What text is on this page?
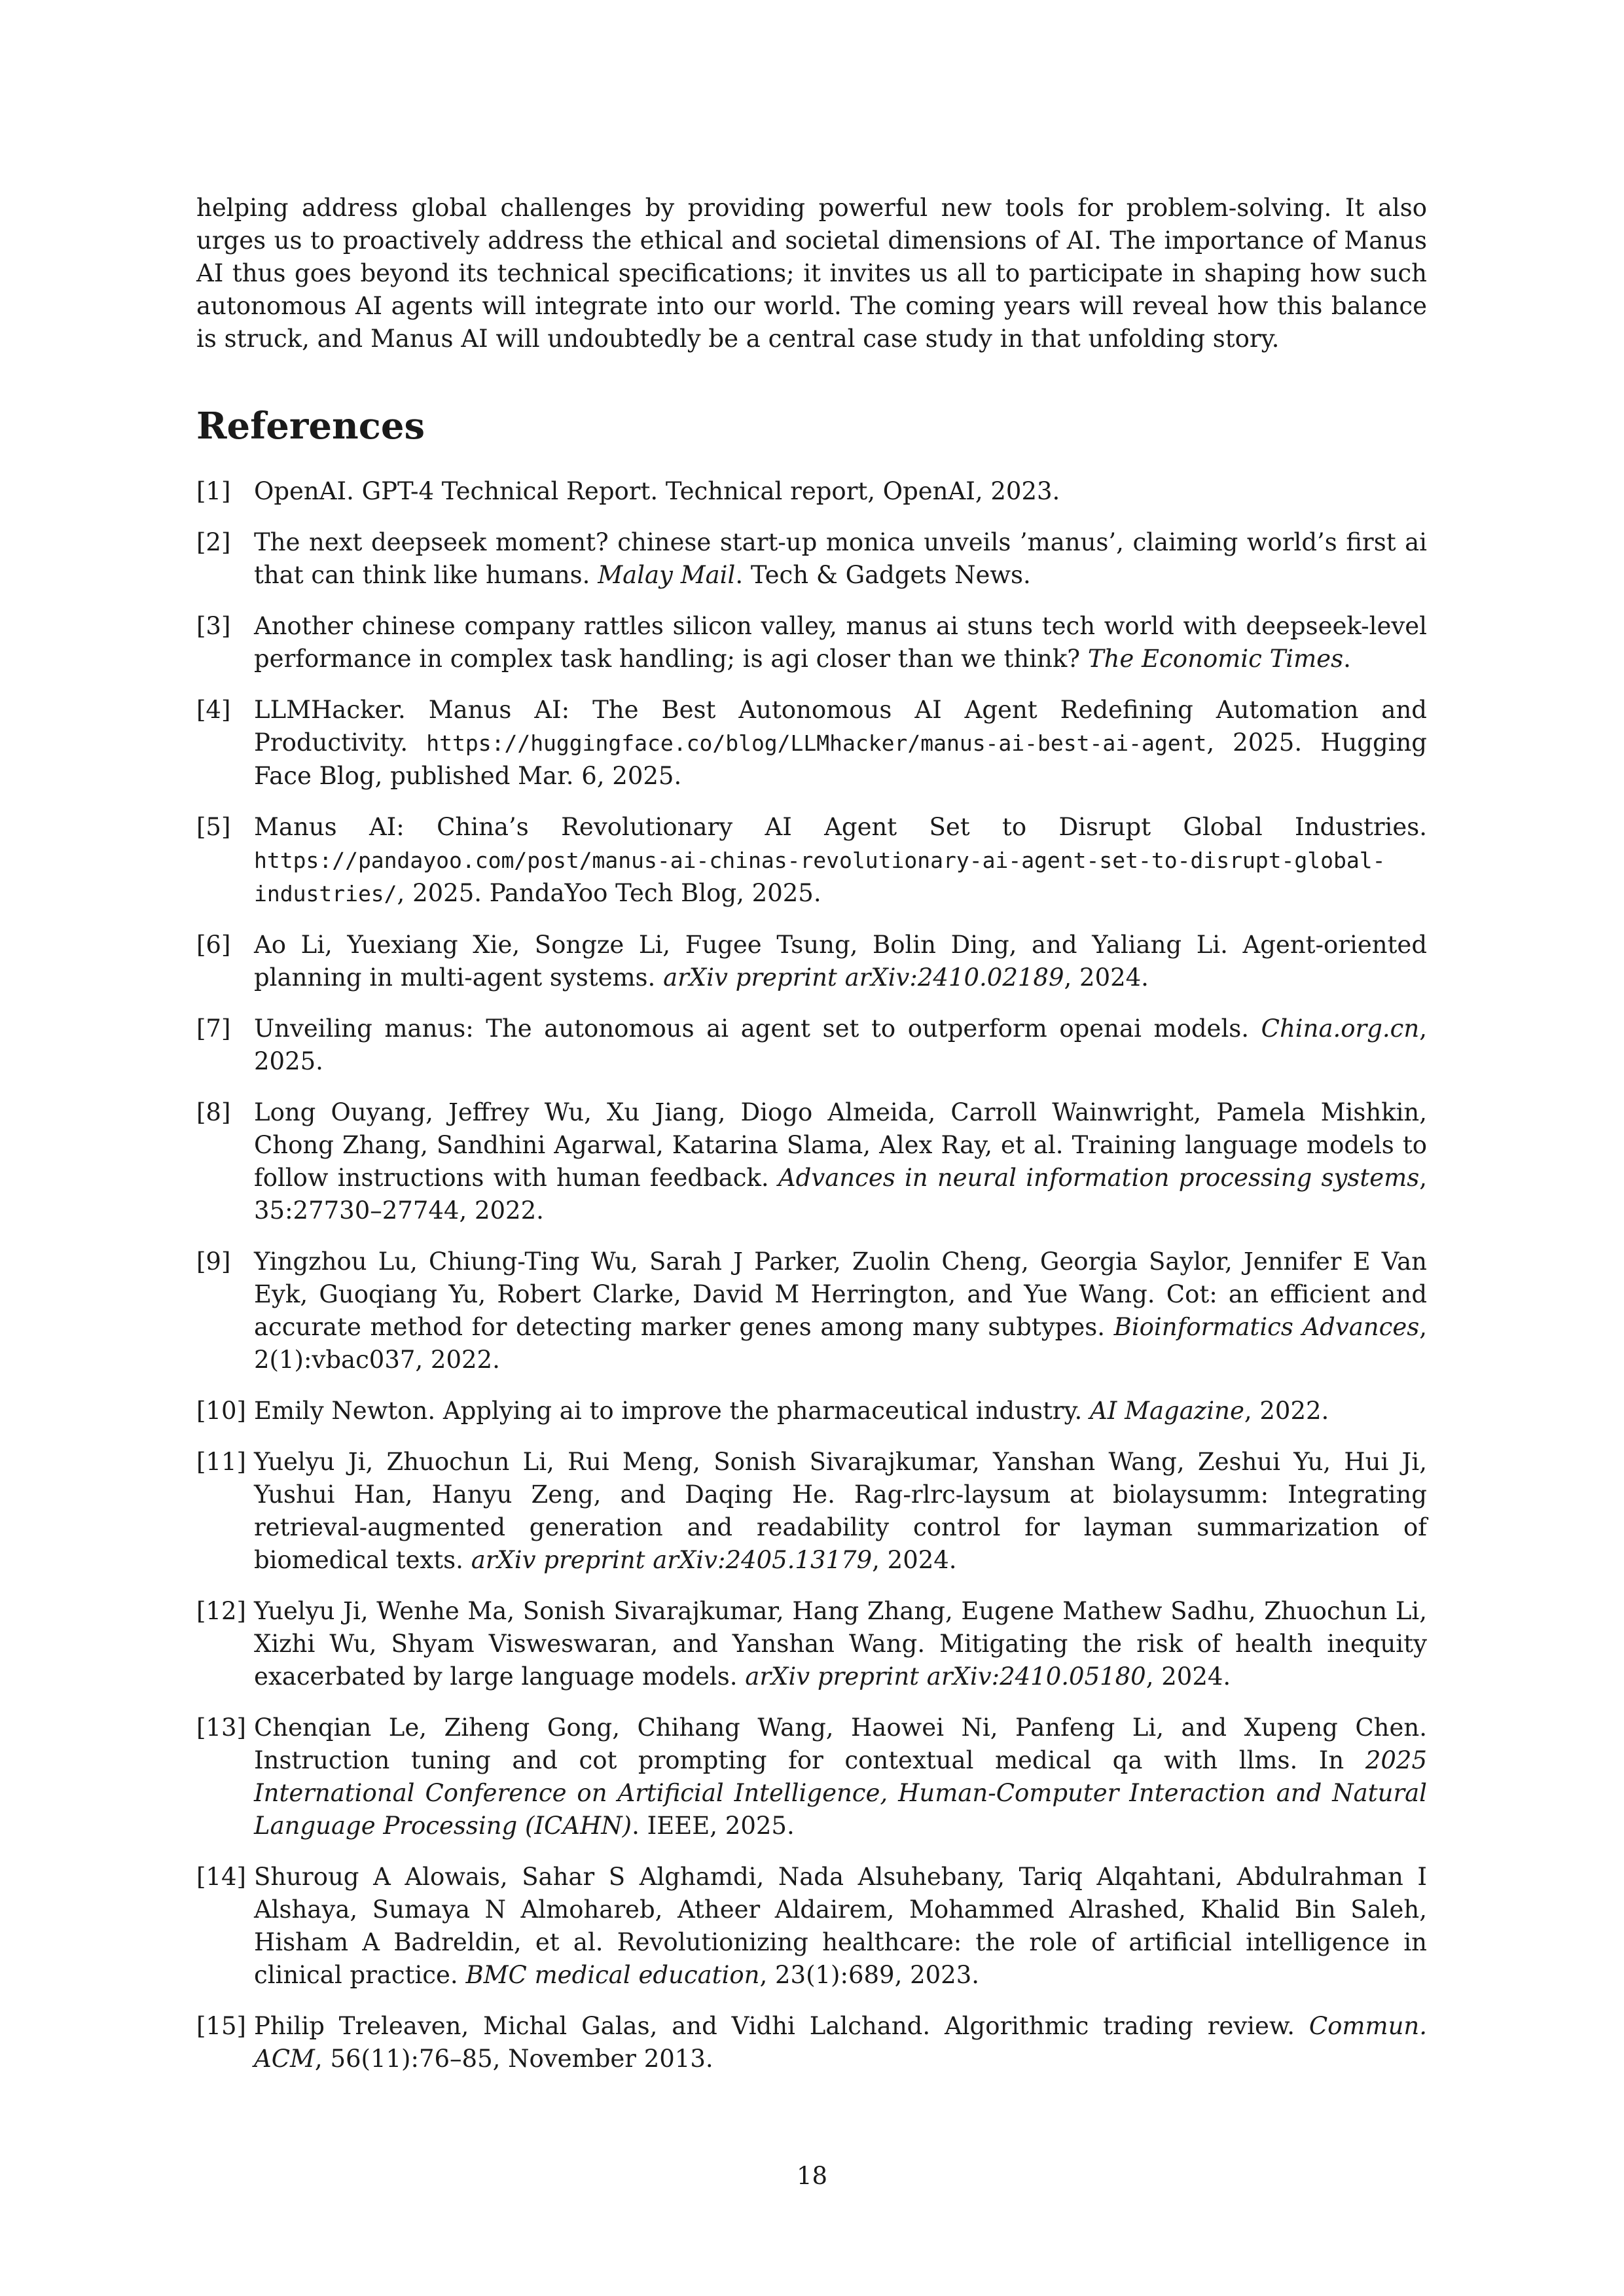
helping address global challenges by providing powerful new tools for problem-solving. It also urges us to proactively address the ethical and societal dimensions of AI. The importance of Manus AI thus goes beyond its technical specifications; it invites us all to participate in shaping how such autonomous AI agents will integrate into our world. The coming years will reveal how this balance is struck, and Manus AI will undoubtedly be a central case study in that unfolding story.

References
[1] OpenAI. GPT-4 Technical Report. Technical report, OpenAI, 2023.
[2] The next deepseek moment? chinese start-up monica unveils ’manus’, claiming world’s first ai that can think like humans. Malay Mail. Tech & Gadgets News.
[3] Another chinese company rattles silicon valley, manus ai stuns tech world with deepseek-level performance in complex task handling; is agi closer than we think? The Economic Times.
[4] LLMHacker. Manus AI: The Best Autonomous AI Agent Redefining Automation and Productivity. https://huggingface.co/blog/LLMhacker/manus-ai-best-ai-agent, 2025. Hugging Face Blog, published Mar. 6, 2025.
[5] Manus AI: China’s Revolutionary AI Agent Set to Disrupt Global Industries. https://pandayoo.com/post/manus-ai-chinas-revolutionary-ai-agent-set-to-disrupt-global-industries/, 2025. PandaYoo Tech Blog, 2025.
[6] Ao Li, Yuexiang Xie, Songze Li, Fugee Tsung, Bolin Ding, and Yaliang Li. Agent-oriented planning in multi-agent systems. arXiv preprint arXiv:2410.02189, 2024.
[7] Unveiling manus: The autonomous ai agent set to outperform openai models. China.org.cn, 2025.
[8] Long Ouyang, Jeffrey Wu, Xu Jiang, Diogo Almeida, Carroll Wainwright, Pamela Mishkin, Chong Zhang, Sandhini Agarwal, Katarina Slama, Alex Ray, et al. Training language models to follow instructions with human feedback. Advances in neural information processing systems, 35:27730–27744, 2022.
[9] Yingzhou Lu, Chiung-Ting Wu, Sarah J Parker, Zuolin Cheng, Georgia Saylor, Jennifer E Van Eyk, Guoqiang Yu, Robert Clarke, David M Herrington, and Yue Wang. Cot: an efficient and accurate method for detecting marker genes among many subtypes. Bioinformatics Advances, 2(1):vbac037, 2022.
[10] Emily Newton. Applying ai to improve the pharmaceutical industry. AI Magazine, 2022.
[11] Yuelyu Ji, Zhuochun Li, Rui Meng, Sonish Sivarajkumar, Yanshan Wang, Zeshui Yu, Hui Ji, Yushui Han, Hanyu Zeng, and Daqing He. Rag-rlrc-laysum at biolaysumm: Integrating retrieval-augmented generation and readability control for layman summarization of biomedical texts. arXiv preprint arXiv:2405.13179, 2024.
[12] Yuelyu Ji, Wenhe Ma, Sonish Sivarajkumar, Hang Zhang, Eugene Mathew Sadhu, Zhuochun Li, Xizhi Wu, Shyam Visweswaran, and Yanshan Wang. Mitigating the risk of health inequity exacerbated by large language models. arXiv preprint arXiv:2410.05180, 2024.
[13] Chenqian Le, Ziheng Gong, Chihang Wang, Haowei Ni, Panfeng Li, and Xupeng Chen. Instruction tuning and cot prompting for contextual medical qa with llms. In 2025 International Conference on Artificial Intelligence, Human-Computer Interaction and Natural Language Processing (ICAHN). IEEE, 2025.
[14] Shuroug A Alowais, Sahar S Alghamdi, Nada Alsuhebany, Tariq Alqahtani, Abdulrahman I Alshaya, Sumaya N Almohareb, Atheer Aldairem, Mohammed Alrashed, Khalid Bin Saleh, Hisham A Badreldin, et al. Revolutionizing healthcare: the role of artificial intelligence in clinical practice. BMC medical education, 23(1):689, 2023.
[15] Philip Treleaven, Michal Galas, and Vidhi Lalchand. Algorithmic trading review. Commun. ACM, 56(11):76–85, November 2013.

18
